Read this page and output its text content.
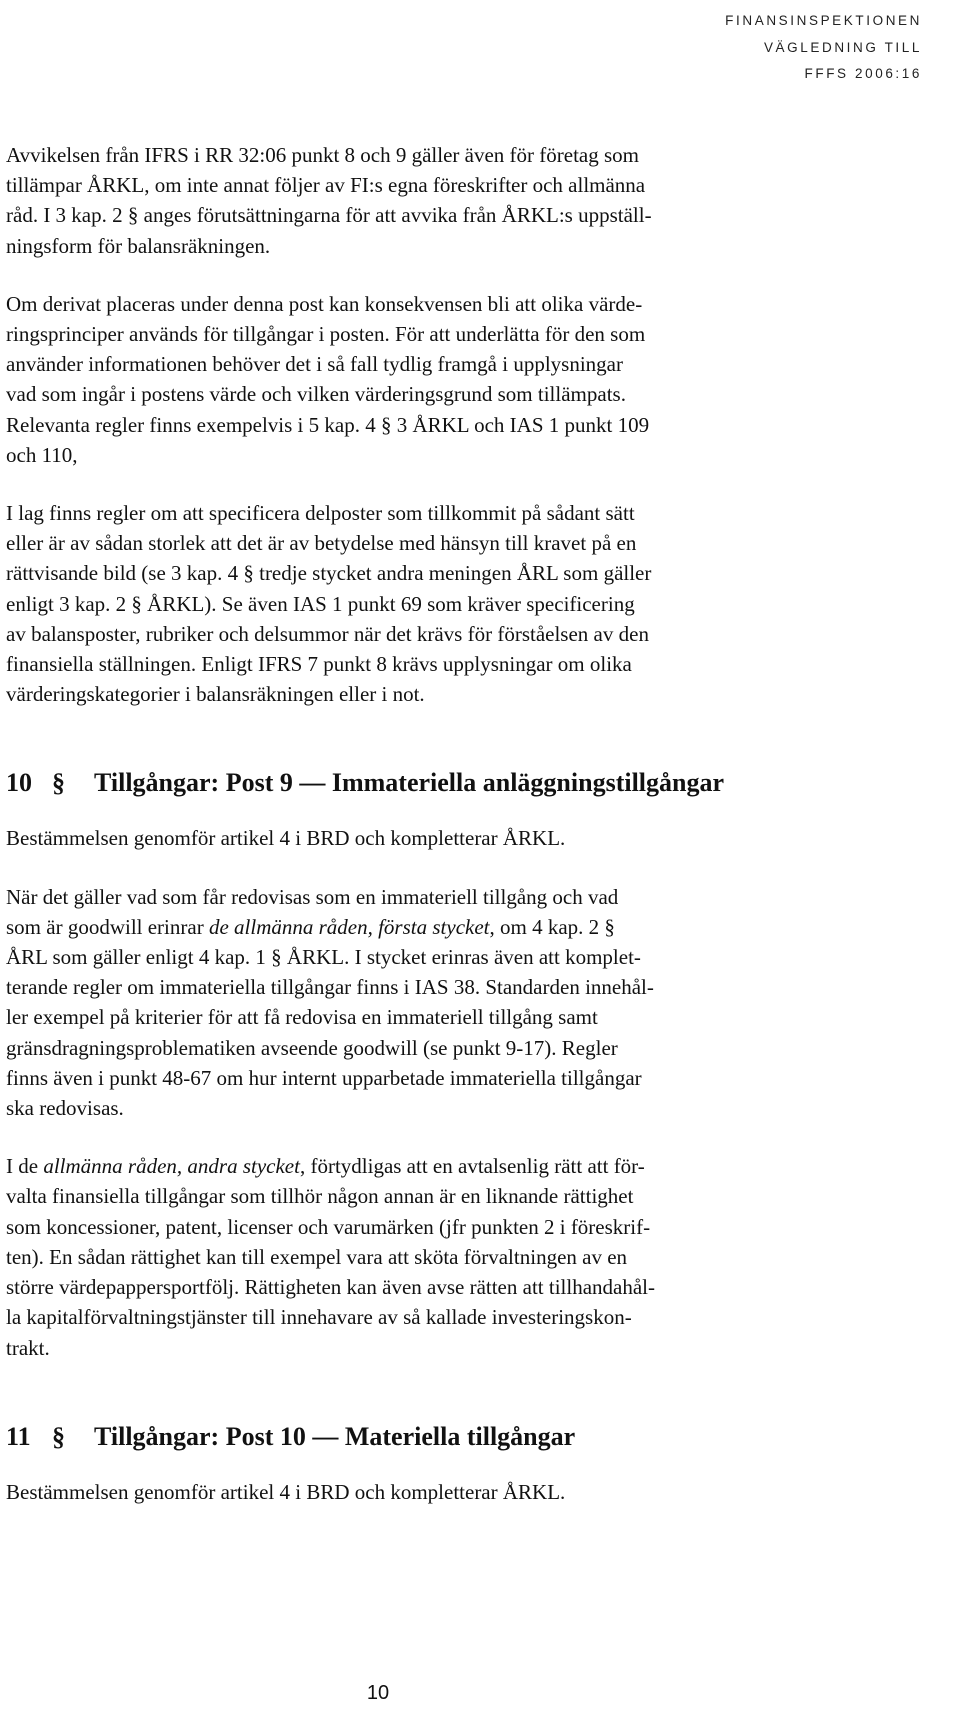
FINANSINSPEKTIONEN
VÄGLEDNING TILL
FFFS 2006:16

Avvikelsen från IFRS i RR 32:06 punkt 8 och 9 gäller även för företag som
tillämpar ÅRKL, om inte annat följer av FI:s egna föreskrifter och allmänna
råd. I 3 kap. 2 § anges förutsättningarna för att avvika från ÅRKL:s uppställ-
ningsform för balansräkningen.

Om derivat placeras under denna post kan konsekvensen bli att olika värde-
ringsprinciper används för tillgångar i posten. För att underlätta för den som
använder informationen behöver det i så fall tydlig framgå i upplysningar
vad som ingår i postens värde och vilken värderingsgrund som tillämpats.
Relevanta regler finns exempelvis i 5 kap. 4 § 3 ÅRKL och IAS 1 punkt 109
och 110,

I lag finns regler om att specificera delposter som tillkommit på sådant sätt
eller är av sådan storlek att det är av betydelse med hänsyn till kravet på en
rättvisande bild (se 3 kap. 4 § tredje stycket andra meningen ÅRL som gäller
enligt 3 kap. 2 § ÅRKL). Se även IAS 1 punkt 69 som kräver specificering
av balansposter, rubriker och delsummor när det krävs för förståelsen av den
finansiella ställningen. Enligt IFRS 7 punkt 8 krävs upplysningar om olika
värderingskategorier i balansräkningen eller i not.

10 § Tillgångar: Post 9 — Immateriella anläggningstillgångar

Bestämmelsen genomför artikel 4 i BRD och kompletterar ÅRKL.

När det gäller vad som får redovisas som en immateriell tillgång och vad
som är goodwill erinrar de allmänna råden, första stycket, om 4 kap. 2 §
ÅRL som gäller enligt 4 kap. 1 § ÅRKL. I stycket erinras även att komplet-
terande regler om immateriella tillgångar finns i IAS 38. Standarden innehål-
ler exempel på kriterier för att få redovisa en immateriell tillgång samt
gränsdragningsproblematiken avseende goodwill (se punkt 9-17). Regler
finns även i punkt 48-67 om hur internt upparbetade immateriella tillgångar
ska redovisas.

I de allmänna råden, andra stycket, förtydligas att en avtalsenlig rätt att för-
valta finansiella tillgångar som tillhör någon annan är en liknande rättighet
som koncessioner, patent, licenser och varumärken (jfr punkten 2 i föreskrif-
ten). En sådan rättighet kan till exempel vara att sköta förvaltningen av en
större värdepappersportfölj. Rättigheten kan även avse rätten att tillhandahål-
la kapitalförvaltningstjänster till innehavare av så kallade investeringskon-
trakt.

11 § Tillgångar: Post 10 — Materiella tillgångar

Bestämmelsen genomför artikel 4 i BRD och kompletterar ÅRKL.

10
